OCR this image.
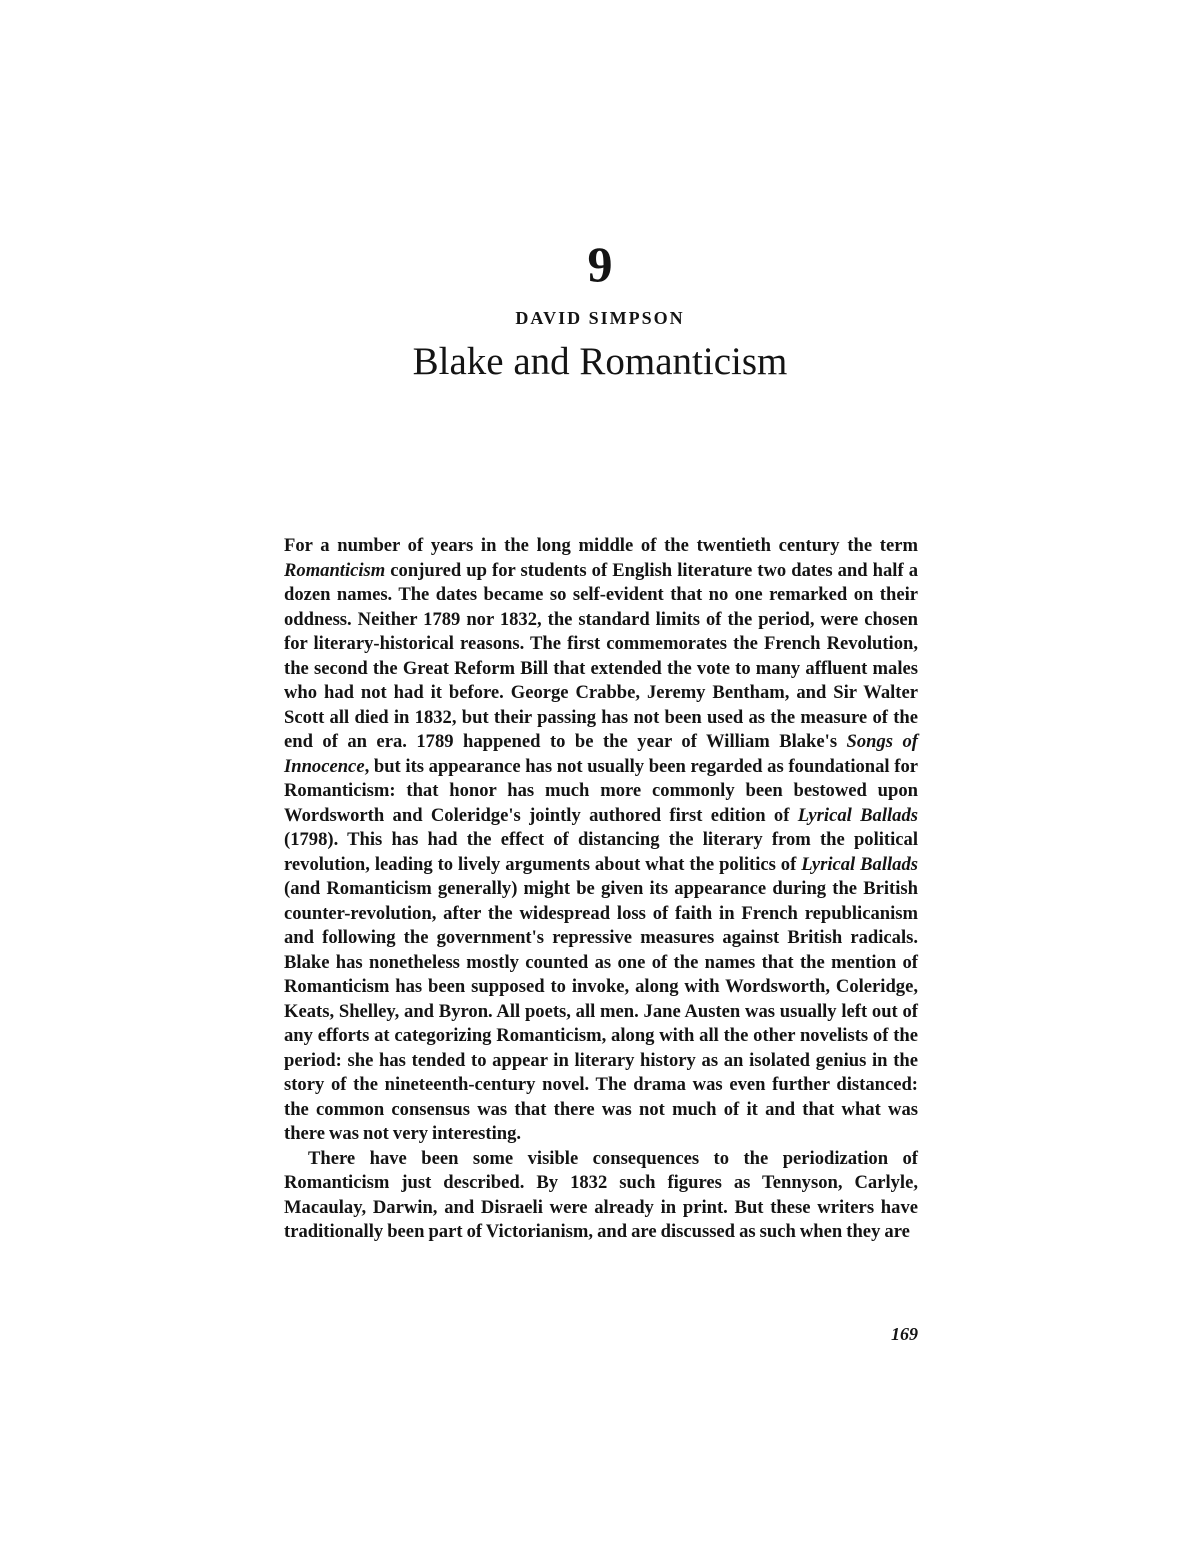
9
DAVID SIMPSON
Blake and Romanticism

For a number of years in the long middle of the twentieth century the term Romanticism conjured up for students of English literature two dates and half a dozen names. The dates became so self-evident that no one remarked on their oddness. Neither 1789 nor 1832, the standard limits of the period, were chosen for literary-historical reasons. The first commemorates the French Revolution, the second the Great Reform Bill that extended the vote to many affluent males who had not had it before. George Crabbe, Jeremy Bentham, and Sir Walter Scott all died in 1832, but their passing has not been used as the measure of the end of an era. 1789 happened to be the year of William Blake's Songs of Innocence, but its appearance has not usually been regarded as foundational for Romanticism: that honor has much more commonly been bestowed upon Wordsworth and Coleridge's jointly authored first edition of Lyrical Ballads (1798). This has had the effect of distancing the literary from the political revolution, leading to lively arguments about what the politics of Lyrical Ballads (and Romanticism generally) might be given its appearance during the British counter-revolution, after the widespread loss of faith in French republicanism and following the government's repressive measures against British radicals. Blake has nonetheless mostly counted as one of the names that the mention of Romanticism has been supposed to invoke, along with Wordsworth, Coleridge, Keats, Shelley, and Byron. All poets, all men. Jane Austen was usually left out of any efforts at categorizing Romanticism, along with all the other novelists of the period: she has tended to appear in literary history as an isolated genius in the story of the nineteenth-century novel. The drama was even further distanced: the common consensus was that there was not much of it and that what was there was not very interesting.

There have been some visible consequences to the periodization of Romanticism just described. By 1832 such figures as Tennyson, Carlyle, Macaulay, Darwin, and Disraeli were already in print. But these writers have traditionally been part of Victorianism, and are discussed as such when they are

169
